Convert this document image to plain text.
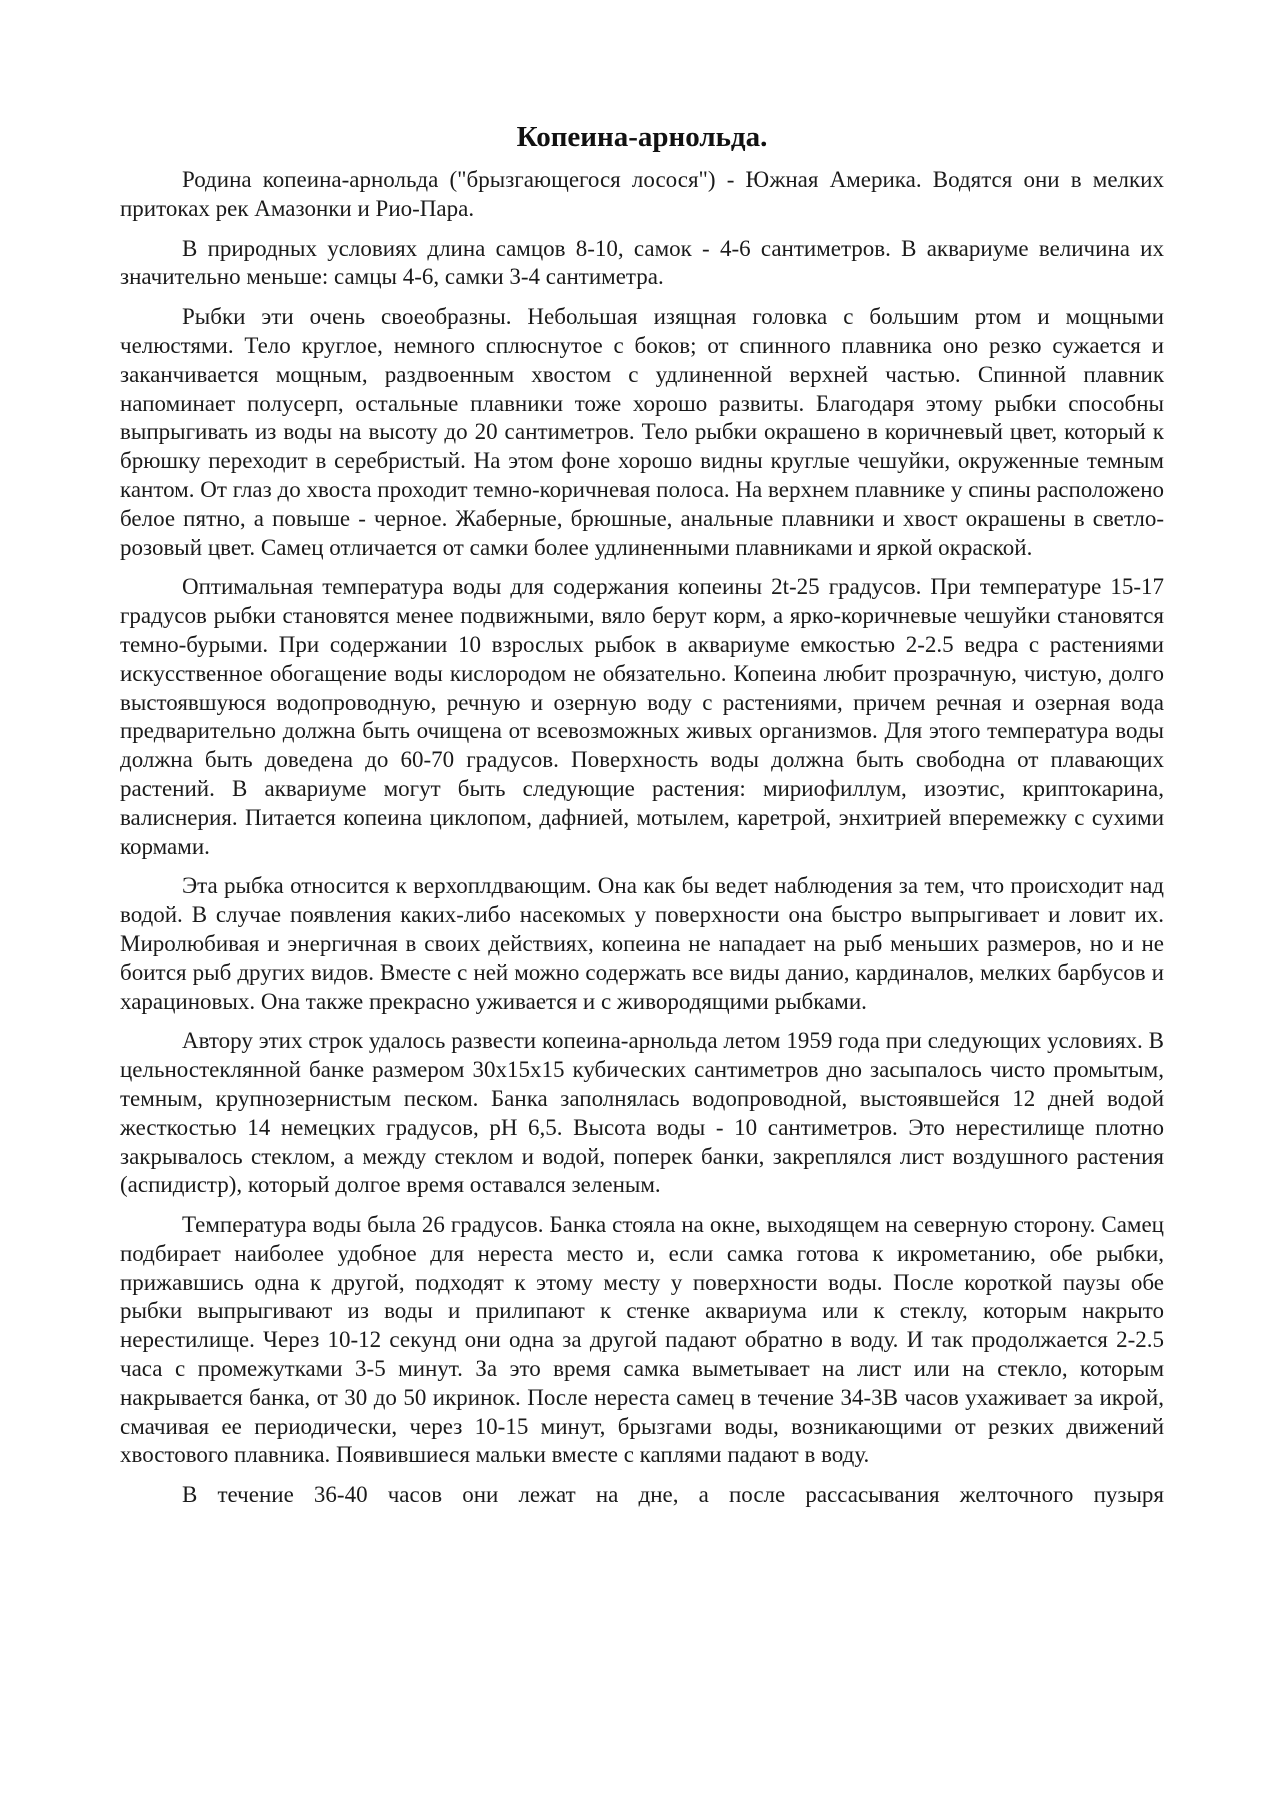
Копеина-арнольда.

Родина копеина-арнольда ("брызгающегося лосося") - Южная Америка. Водятся они в мелких притоках рек Амазонки и Рио-Пара.

В природных условиях длина самцов 8-10, самок - 4-6 сантиметров. В аквариуме величина их значительно меньше: самцы 4-6, самки 3-4 сантиметра.

Рыбки эти очень своеобразны. Небольшая изящная головка с большим ртом и мощными челюстями. Тело круглое, немного сплюснутое с боков; от спинного плавника оно резко сужается и заканчивается мощным, раздвоенным хвостом с удлиненной верхней частью. Спинной плавник напоминает полусерп, остальные плавники тоже хорошо развиты. Благодаря этому рыбки способны выпрыгивать из воды на высоту до 20 сантиметров. Тело рыбки окрашено в коричневый цвет, который к брюшку переходит в серебристый. На этом фоне хорошо видны круглые чешуйки, окруженные темным кантом. От глаз до хвоста проходит темно-коричневая полоса. На верхнем плавнике у спины расположено белое пятно, а повыше - черное. Жаберные, брюшные, анальные плавники и хвост окрашены в светло-розовый цвет. Самец отличается от самки более удлиненными плавниками и яркой окраской.

Оптимальная температура воды для содержания копеины 2t-25 градусов. При температуре 15-17 градусов рыбки становятся менее подвижными, вяло берут корм, а ярко-коричневые чешуйки становятся темно-бурыми. При содержании 10 взрослых рыбок в аквариуме емкостью 2-2.5 ведра с растениями искусственное обогащение воды кислородом не обязательно. Копеина любит прозрачную, чистую, долго выстоявшуюся водопроводную, речную и озерную воду с растениями, причем речная и озерная вода предварительно должна быть очищена от всевозможных живых организмов. Для этого температура воды должна быть доведена до 60-70 градусов. Поверхность воды должна быть свободна от плавающих растений. В аквариуме могут быть следующие растения: мириофиллум, изоэтис, криптокарина, валиснерия. Питается копеина циклопом, дафнией, мотылем, каретрой, энхитрией вперемежку с сухими кормами.

Эта рыбка относится к верхоплдвающим. Она как бы ведет наблюдения за тем, что происходит над водой. В случае появления каких-либо насекомых у поверхности она быстро выпрыгивает и ловит их. Миролюбивая и энергичная в своих действиях, копеина не нападает на рыб меньших размеров, но и не боится рыб других видов. Вместе с ней можно содержать все виды данио, кардиналов, мелких барбусов и харациновых. Она также прекрасно уживается и с живородящими рыбками.

Автору этих строк удалось развести копеина-арнольда летом 1959 года при следующих условиях. В цельностеклянной банке размером 30x15x15 кубических сантиметров дно засыпалось чисто промытым, темным, крупнозернистым песком. Банка заполнялась водопроводной, выстоявшейся 12 дней водой жесткостью 14 немецких градусов, pH 6,5. Высота воды - 10 сантиметров. Это нерестилище плотно закрывалось стеклом, а между стеклом и водой, поперек банки, закреплялся лист воздушного растения (аспидистр), который долгое время оставался зеленым.

Температура воды была 26 градусов. Банка стояла на окне, выходящем на северную сторону. Самец подбирает наиболее удобное для нереста место и, если самка готова к икрометанию, обе рыбки, прижавшись одна к другой, подходят к этому месту у поверхности воды. После короткой паузы обе рыбки выпрыгивают из воды и прилипают к стенке аквариума или к стеклу, которым накрыто нерестилище. Через 10-12 секунд они одна за другой падают обратно в воду. И так продолжается 2-2.5 часа с промежутками 3-5 минут. За это время самка выметывает на лист или на стекло, которым накрывается банка, от 30 до 50 икринок. После нереста самец в течение 34-3В часов ухаживает за икрой, смачивая ее периодически, через 10-15 минут, брызгами воды, возникающими от резких движений хвостового плавника. Появившиеся мальки вместе с каплями падают в воду.

В течение 36-40 часов они лежат на дне, а после рассасывания желточного пузыря
